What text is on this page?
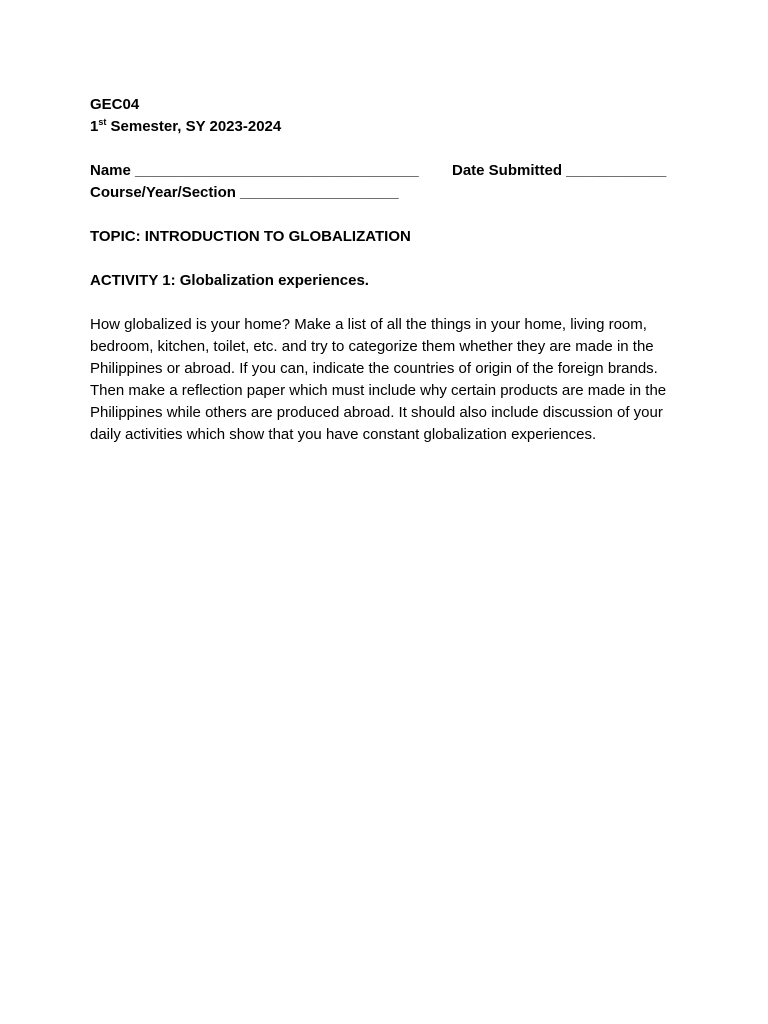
GEC04
1st Semester, SY 2023-2024
Name __________________________________ Date Submitted ____________
Course/Year/Section ___________________
TOPIC: INTRODUCTION TO GLOBALIZATION
ACTIVITY 1: Globalization experiences.

How globalized is your home? Make a list of all the things in your home, living room, bedroom, kitchen, toilet, etc. and try to categorize them whether they are made in the Philippines or abroad. If you can, indicate the countries of origin of the foreign brands. Then make a reflection paper which must include why certain products are made in the Philippines while others are produced abroad. It should also include discussion of your daily activities which show that you have constant globalization experiences.
